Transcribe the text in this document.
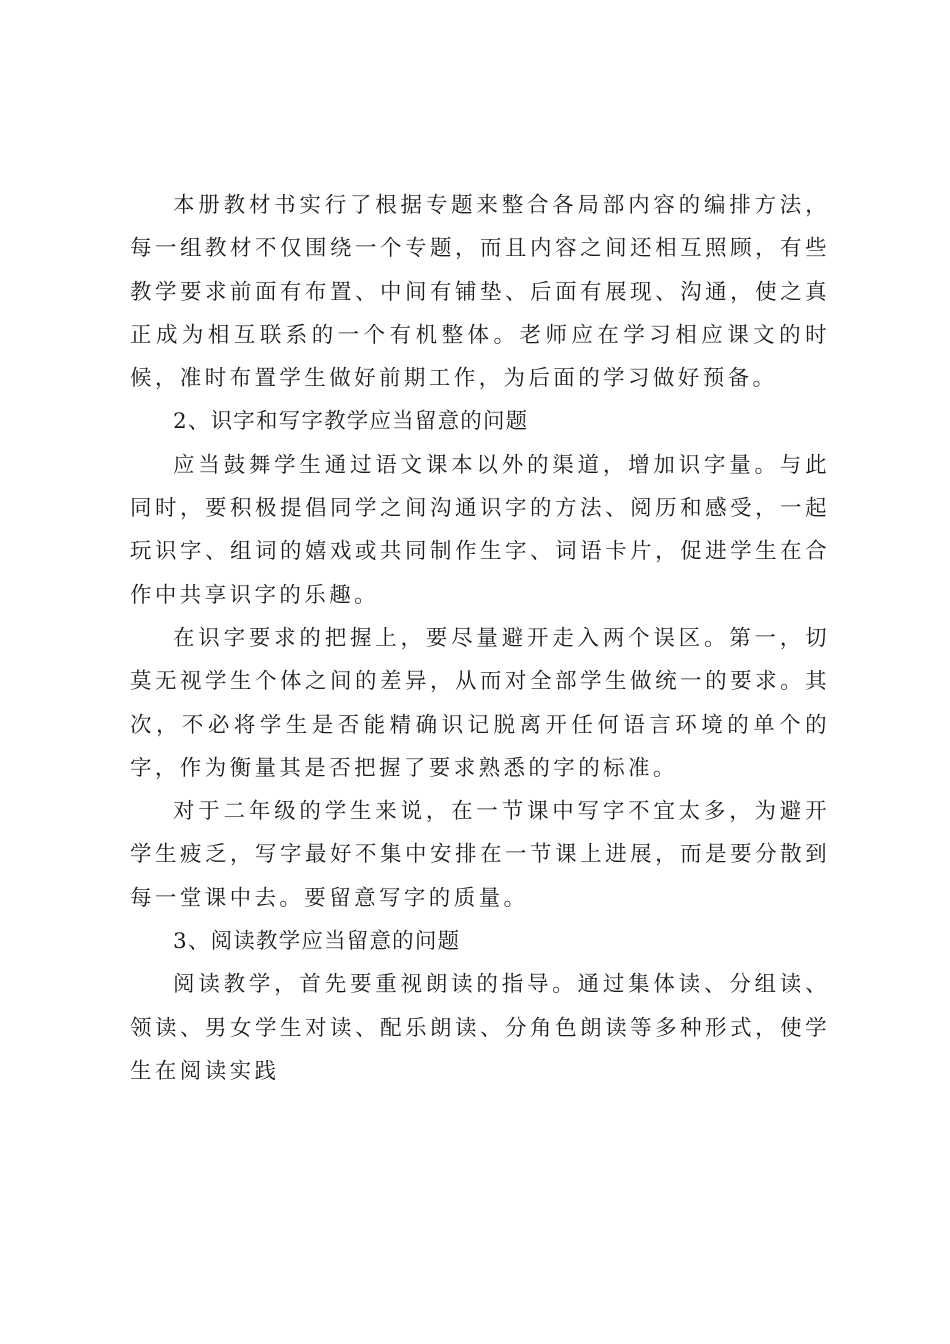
本册教材书实行了根据专题来整合各局部内容的编排方法，每一组教材不仅围绕一个专题，而且内容之间还相互照顾，有些教学要求前面有布置、中间有铺垫、后面有展现、沟通，使之真正成为相互联系的一个有机整体。老师应在学习相应课文的时候，准时布置学生做好前期工作，为后面的学习做好预备。

2、识字和写字教学应当留意的问题

应当鼓舞学生通过语文课本以外的渠道，增加识字量。与此同时，要积极提倡同学之间沟通识字的方法、阅历和感受，一起玩识字、组词的嬉戏或共同制作生字、词语卡片，促进学生在合作中共享识字的乐趣。

在识字要求的把握上，要尽量避开走入两个误区。第一，切莫无视学生个体之间的差异，从而对全部学生做统一的要求。其次，不必将学生是否能精确识记脱离开任何语言环境的单个的字，作为衡量其是否把握了要求熟悉的字的标准。

对于二年级的学生来说，在一节课中写字不宜太多，为避开学生疲乏，写字最好不集中安排在一节课上进展，而是要分散到每一堂课中去。要留意写字的质量。

3、阅读教学应当留意的问题

阅读教学，首先要重视朗读的指导。通过集体读、分组读、领读、男女学生对读、配乐朗读、分角色朗读等多种形式，使学生在阅读实践
